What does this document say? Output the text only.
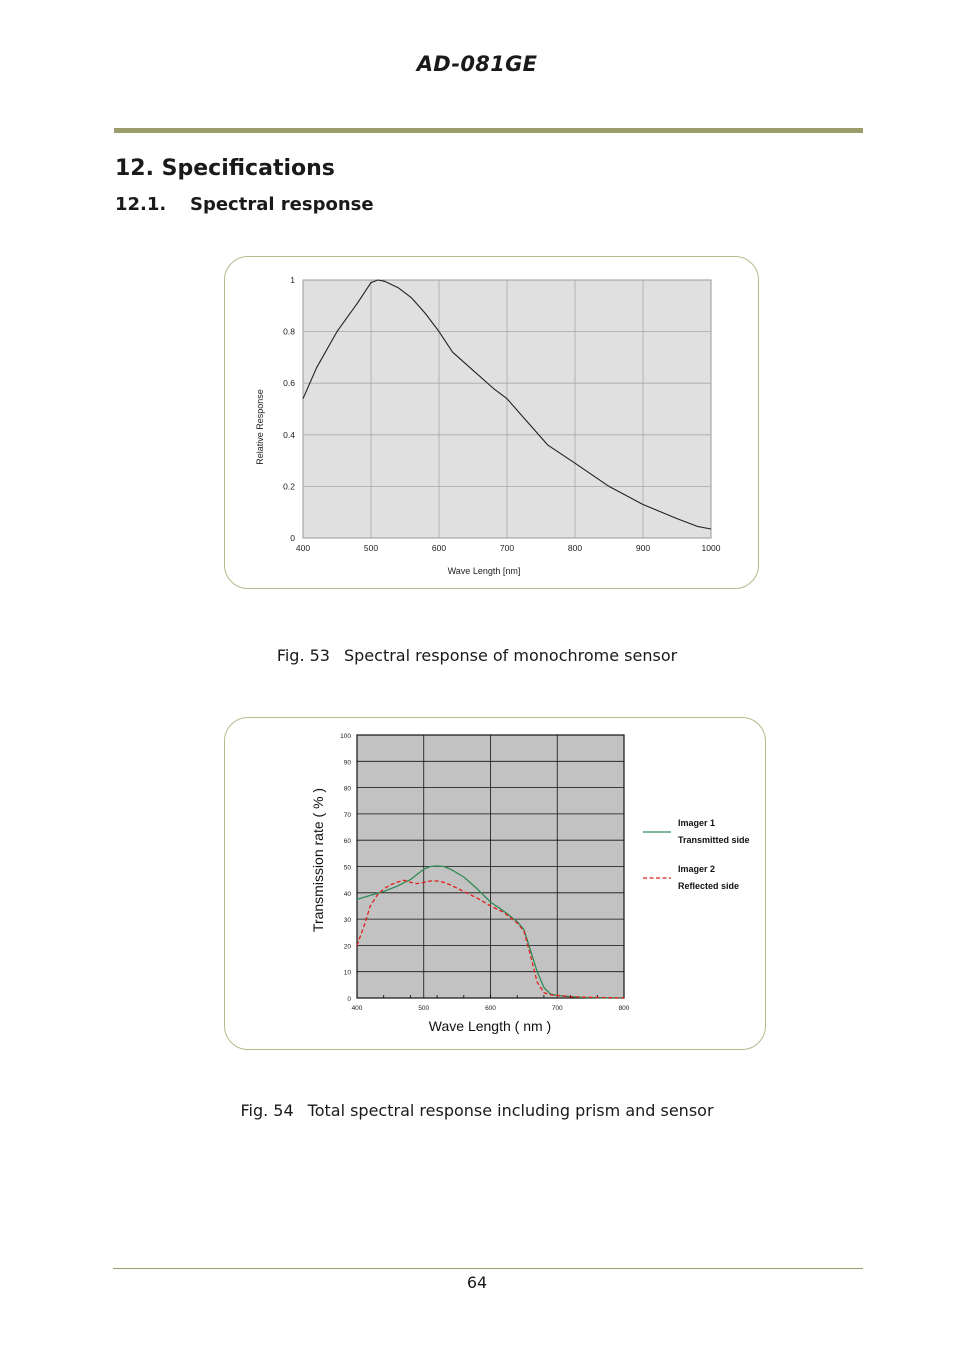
AD-081GE
12. Specifications
12.1. Spectral response
400	500	600	700	800	900	1000
0
0.2
0.4
0.6
0.8
1
Wave Length [nm]
Relative Response
Fig. 53 Spectral response of monochrome sensor
400	500	600	700	800
0
10
20
30
40
50
60
70
80
90
100
Imager 1
Transmitted side
Imager 2
Reflected side
Wave Length ( nm )
Transmission rate ( % )
Fig. 54 Total spectral response including prism and sensor
64
